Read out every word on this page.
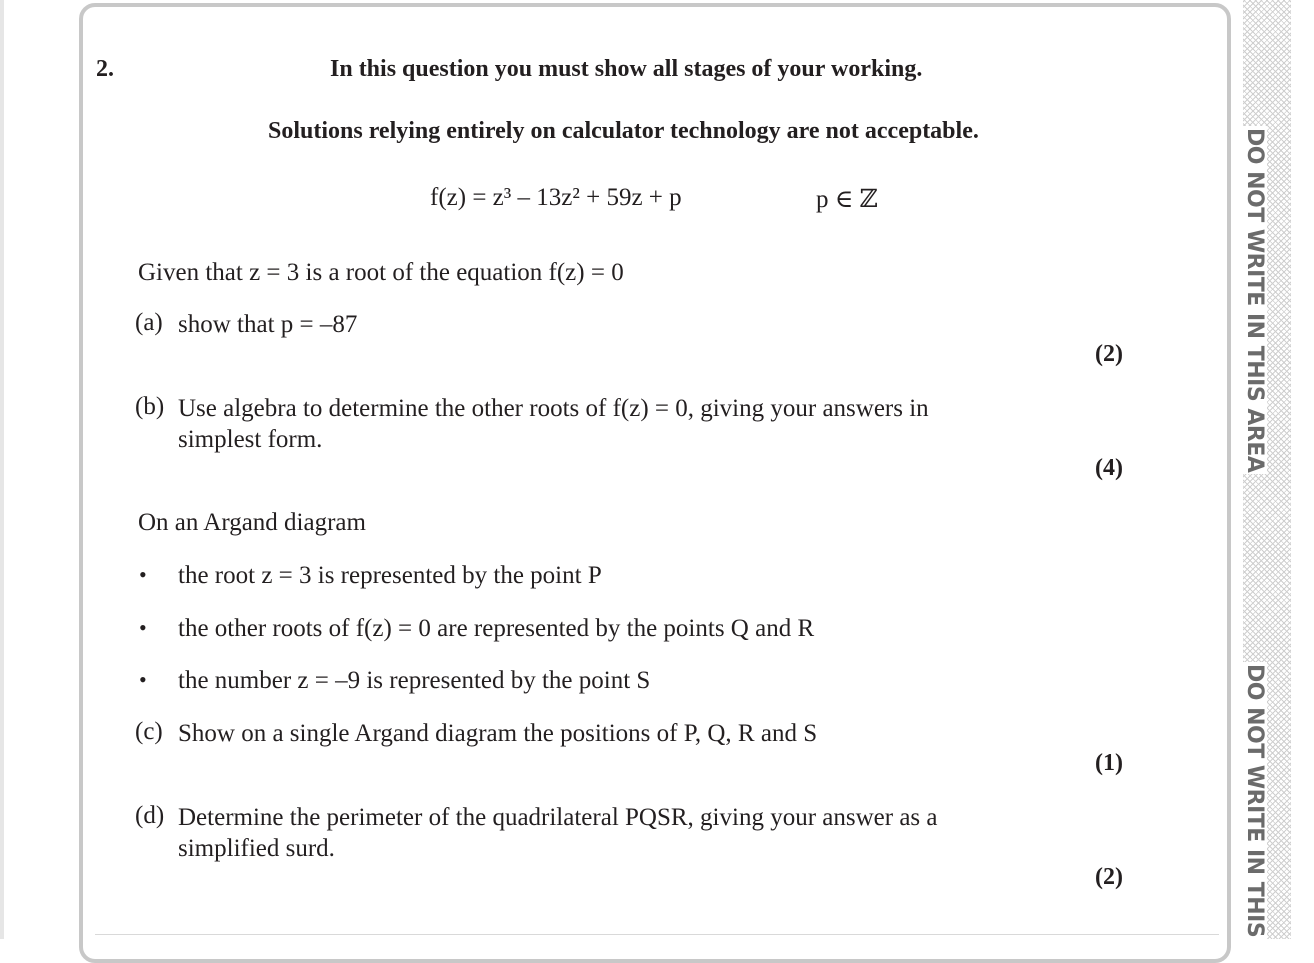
DO NOT WRITE IN THIS AREA
DO NOT WRITE IN THIS
2.	In this question you must show all stages of your working.
Solutions relying entirely on calculator technology are not acceptable.
f(z) = z³ – 13z² + 59z + p	p ∈ ℤ
Given that z = 3 is a root of the equation f(z) = 0
(a) show that p = –87
(2)
(b) Use algebra to determine the other roots of f(z) = 0, giving your answers in
simplest form.
(4)
On an Argand diagram
• the root z = 3 is represented by the point P
• the other roots of f(z) = 0 are represented by the points Q and R
• the number z = –9 is represented by the point S
(c) Show on a single Argand diagram the positions of P, Q, R and S
(1)
(d) Determine the perimeter of the quadrilateral PQSR, giving your answer as a
simplified surd.
(2)
